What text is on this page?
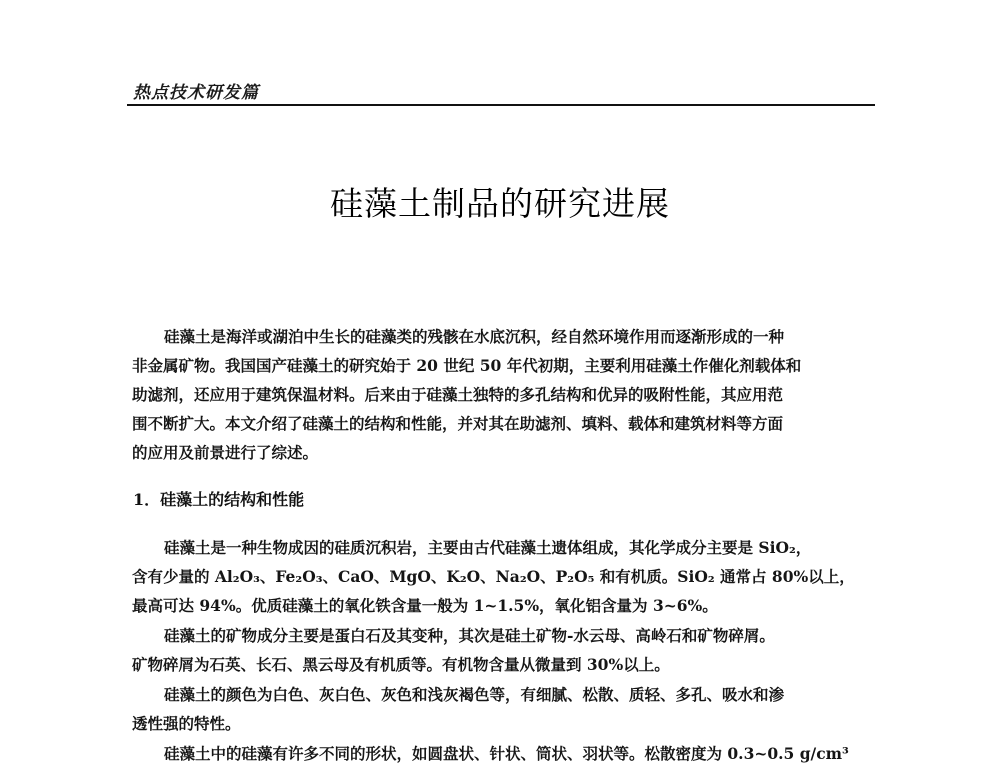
热点技术研发篇
硅藻土制品的研究进展
硅藻土是海洋或湖泊中生长的硅藻类的残骸在水底沉积，经自然环境作用而逐渐形成的一种
非金属矿物。我国国产硅藻土的研究始于 20 世纪 50 年代初期，主要利用硅藻土作催化剂载体和
助滤剂，还应用于建筑保温材料。后来由于硅藻土独特的多孔结构和优异的吸附性能，其应用范
围不断扩大。本文介绍了硅藻土的结构和性能，并对其在助滤剂、填料、载体和建筑材料等方面
的应用及前景进行了综述。
1．硅藻土的结构和性能
硅藻土是一种生物成因的硅质沉积岩，主要由古代硅藻土遗体组成，其化学成分主要是 SiO₂，
含有少量的 Al₂O₃、Fe₂O₃、CaO、MgO、K₂O、Na₂O、P₂O₅ 和有机质。SiO₂ 通常占 80%以上，
最高可达 94%。优质硅藻土的氧化铁含量一般为 1~1.5%，氧化铝含量为 3~6%。
硅藻土的矿物成分主要是蛋白石及其变种，其次是硅土矿物-水云母、高岭石和矿物碎屑。
矿物碎屑为石英、长石、黑云母及有机质等。有机物含量从微量到 30%以上。
硅藻土的颜色为白色、灰白色、灰色和浅灰褐色等，有细腻、松散、质轻、多孔、吸水和渗
透性强的特性。
硅藻土中的硅藻有许多不同的形状，如圆盘状、针状、筒状、羽状等。松散密度为 0.3~0.5 g/cm³
